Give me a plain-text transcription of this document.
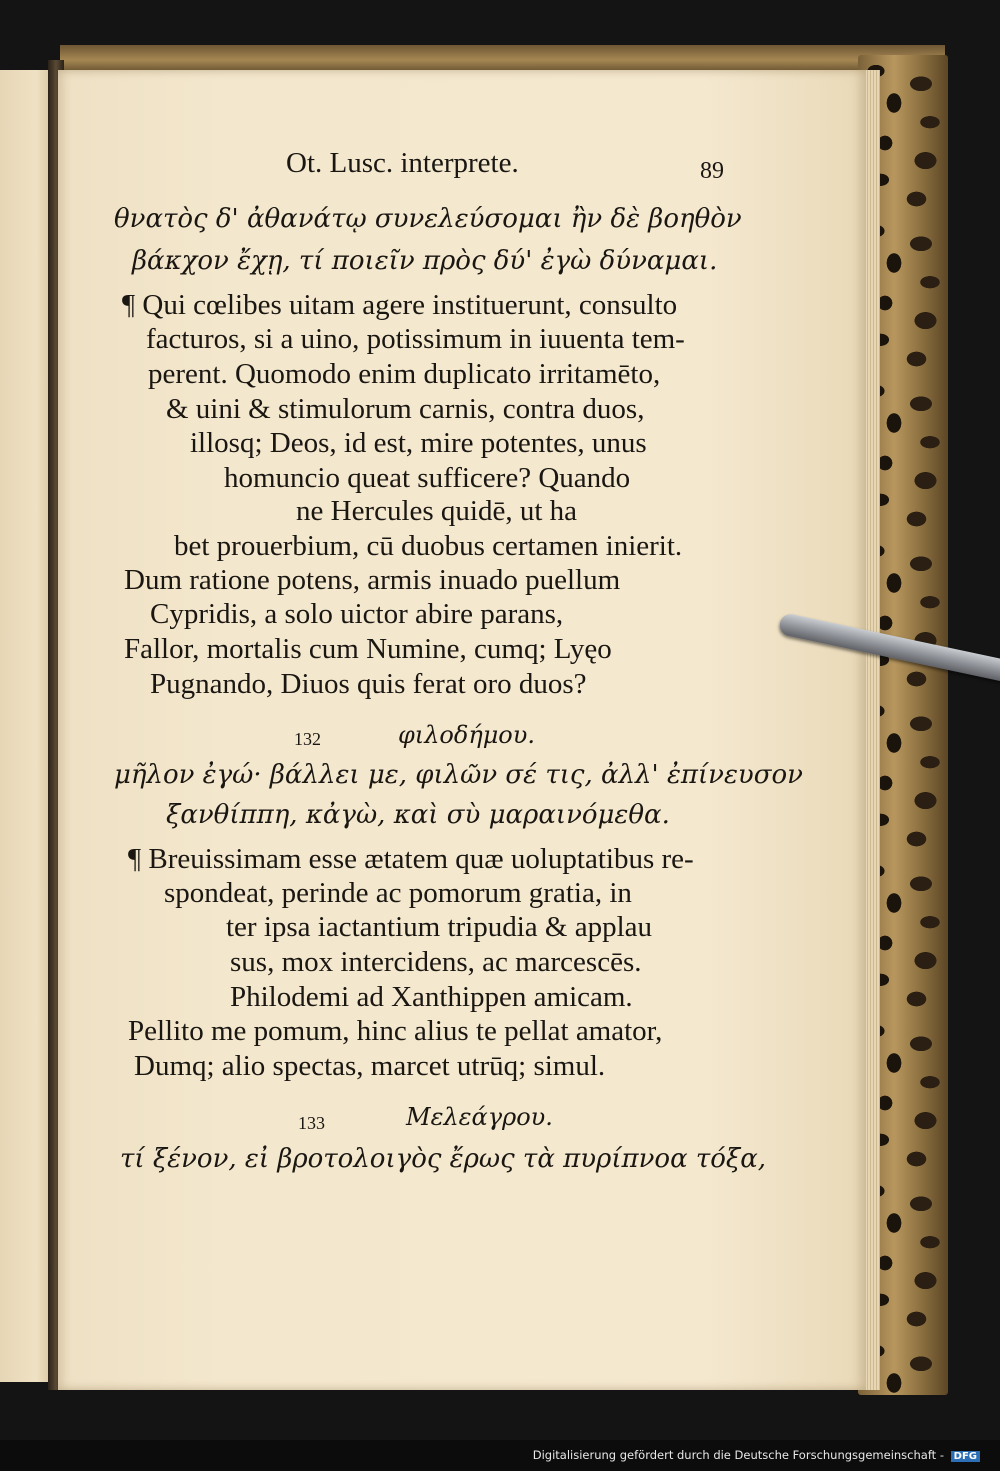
Ot. Lusc. interprete.	89
θνατὸς δ' ἀθανάτῳ συνελεύσομαι ἢν δὲ βοηθὸν
βάκχον ἔχῃ, τί ποιεῖν πρὸς δύ' ἐγὼ δύναμαι.
¶ Qui cœlibes uitam agere instituerunt, consulto
facturos, si a uino, potissimum in iuuenta tem-
perent. Quomodo enim duplicato irritamēto,
& uini & stimulorum carnis, contra duos,
illosq; Deos, id est, mire potentes, unus
homuncio queat sufficere? Quando
ne Hercules quidē, ut ha
bet prouerbium, cū duobus certamen inierit.
Dum ratione potens, armis inuado puellum
Cypridis, a solo uictor abire parans,
Fallor, mortalis cum Numine, cumq; Lyęo
Pugnando, Diuos quis ferat oro duos?
132	φιλοδήμου.
μῆλον ἐγώ· βάλλει με, φιλῶν σέ τις, ἀλλ' ἐπίνευσον
ξανθίππη, κἀγὼ, καὶ σὺ μαραινόμεθα.
¶ Breuissimam esse ætatem quæ uoluptatibus re-
spondeat, perinde ac pomorum gratia, in
ter ipsa iactantium tripudia & applau
sus, mox intercidens, ac marcescēs.
Philodemi ad Xanthippen amicam.
Pellito me pomum, hinc alius te pellat amator,
Dumq; alio spectas, marcet utrūq; simul.
133	Μελεάγρου.
τί ξένον, εἰ βροτολοιγὸς ἔρως τὰ πυρίπνοα τόξα,
Digitalisierung gefördert durch die Deutsche Forschungsgemeinschaft - DFG
